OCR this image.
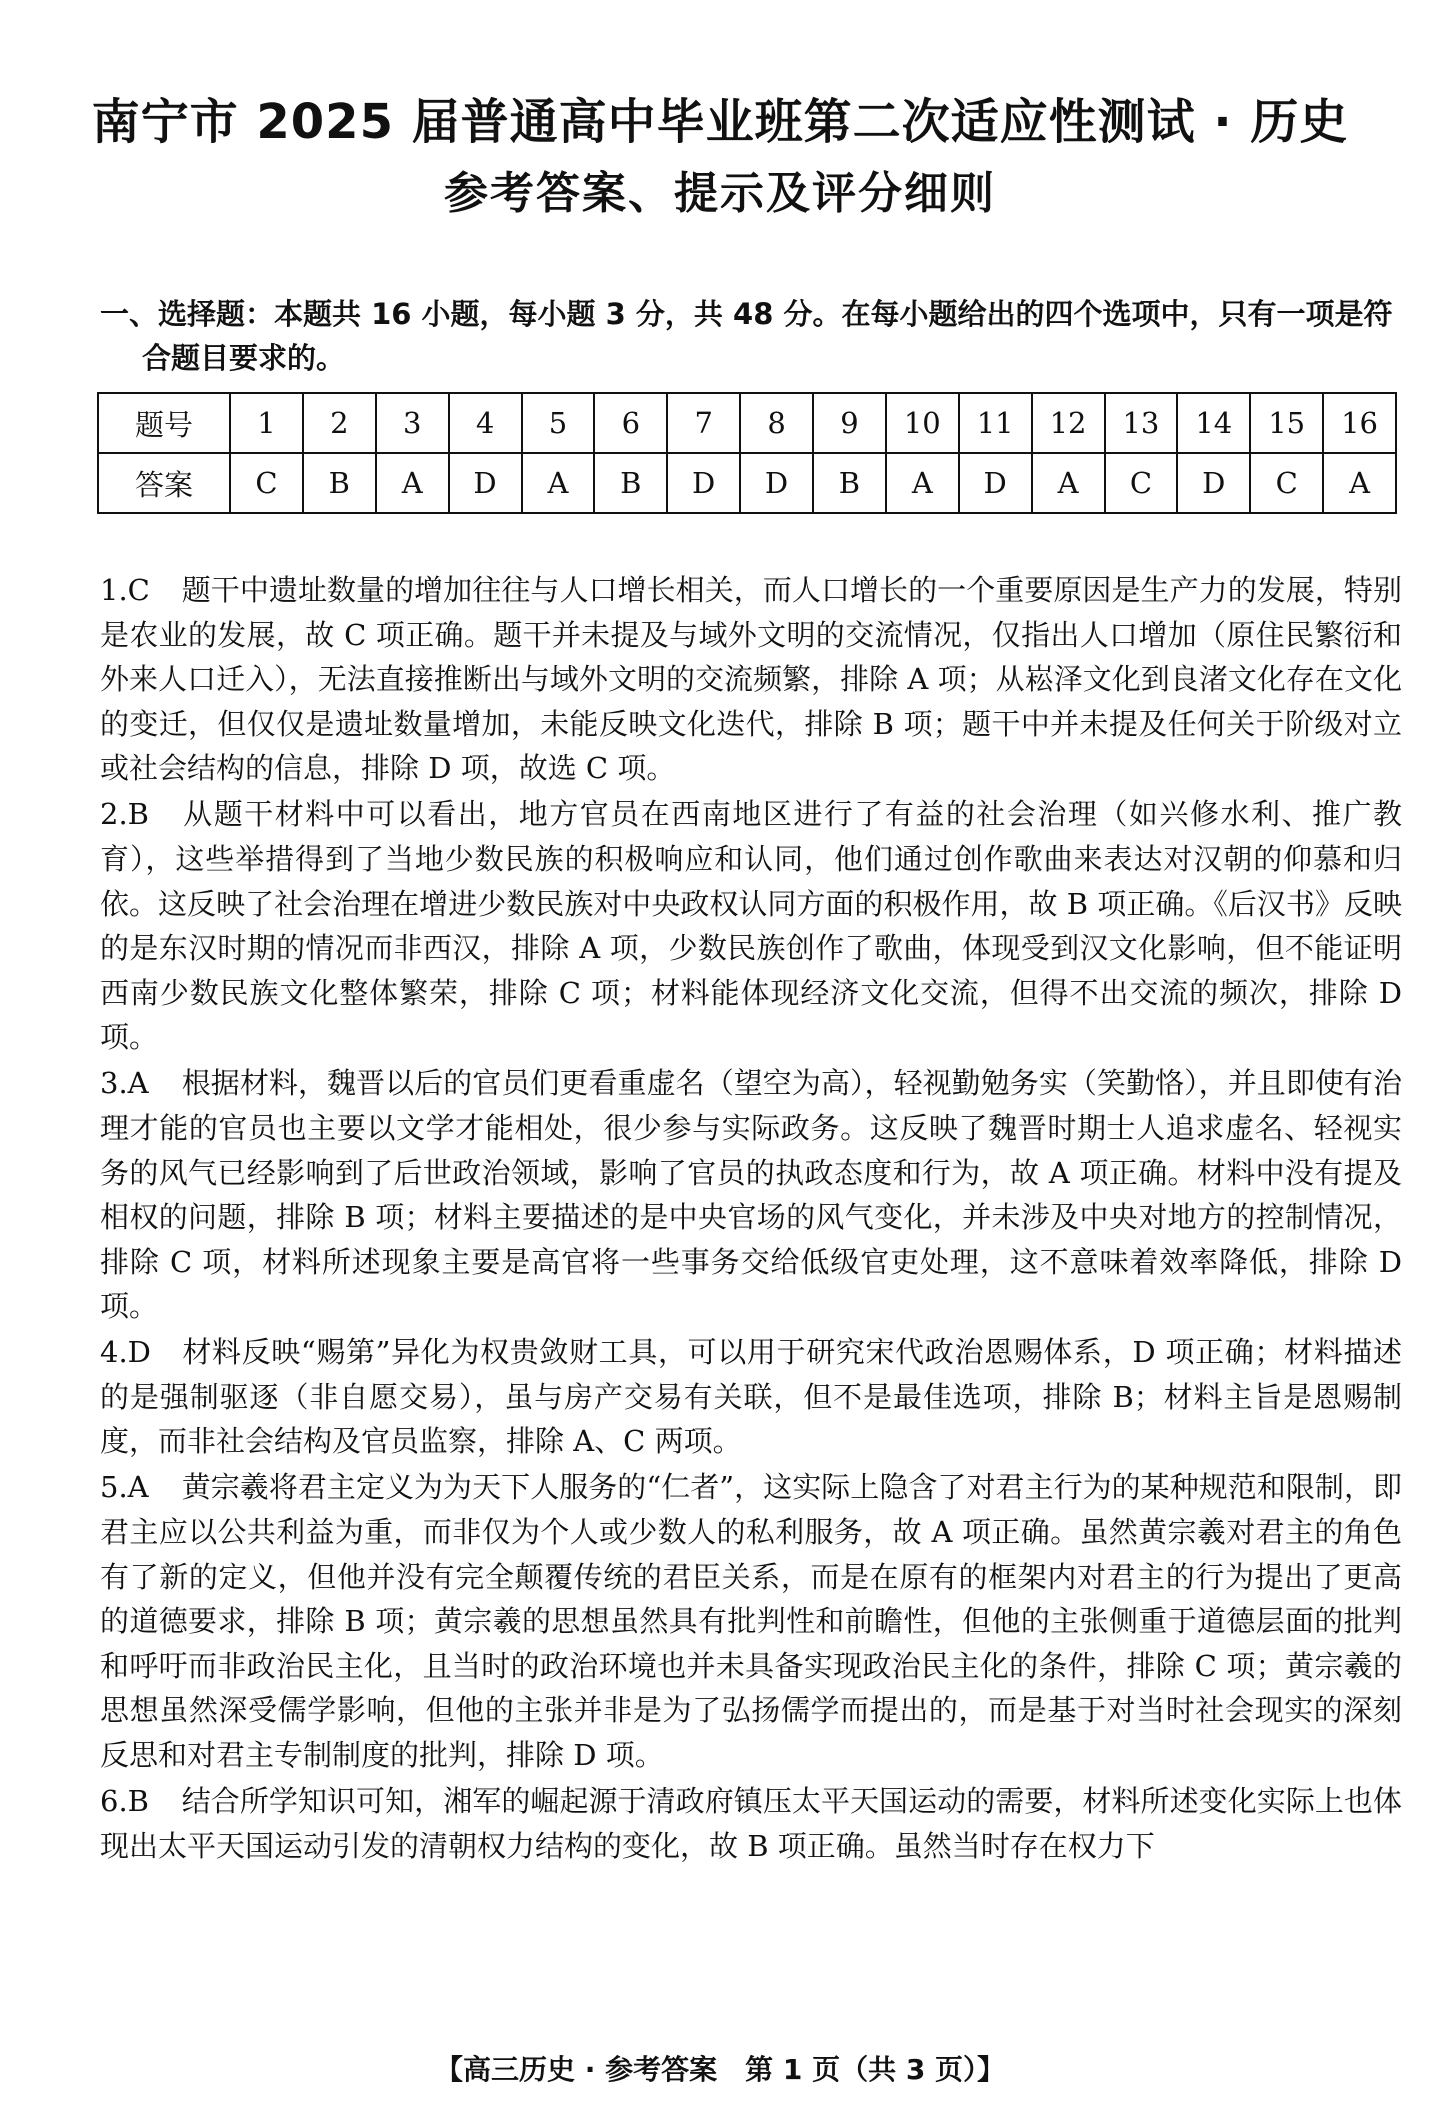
南宁市 2025 届普通高中毕业班第二次适应性测试 · 历史
参考答案、提示及评分细则
一、选择题：本题共 16 小题，每小题 3 分，共 48 分。在每小题给出的四个选项中，只有一项是符
合题目要求的。
题号	1	2	3	4	5	6	7	8	9	10	11	12	13	14	15	16
答案	C	B	A	D	A	B	D	D	B	A	D	A	C	D	C	A

1.C 题干中遗址数量的增加往往与人口增长相关，而人口增长的一个重要原因是生产力的发展，特别是农业的发展，故 C 项正确。题干并未提及与域外文明的交流情况，仅指出人口增加（原住民繁衍和外来人口迁入），无法直接推断出与域外文明的交流频繁，排除 A 项；从崧泽文化到良渚文化存在文化的变迁，但仅仅是遗址数量增加，未能反映文化迭代，排除 B 项；题干中并未提及任何关于阶级对立或社会结构的信息，排除 D 项，故选 C 项。

2.B 从题干材料中可以看出，地方官员在西南地区进行了有益的社会治理（如兴修水利、推广教育），这些举措得到了当地少数民族的积极响应和认同，他们通过创作歌曲来表达对汉朝的仰慕和归依。这反映了社会治理在增进少数民族对中央政权认同方面的积极作用，故 B 项正确。《后汉书》反映的是东汉时期的情况而非西汉，排除 A 项，少数民族创作了歌曲，体现受到汉文化影响，但不能证明西南少数民族文化整体繁荣，排除 C 项；材料能体现经济文化交流，但得不出交流的频次，排除 D 项。

3.A 根据材料，魏晋以后的官员们更看重虚名（望空为高），轻视勤勉务实（笑勤恪），并且即使有治理才能的官员也主要以文学才能相处，很少参与实际政务。这反映了魏晋时期士人追求虚名、轻视实务的风气已经影响到了后世政治领域，影响了官员的执政态度和行为，故 A 项正确。材料中没有提及相权的问题，排除 B 项；材料主要描述的是中央官场的风气变化，并未涉及中央对地方的控制情况，排除 C 项，材料所述现象主要是高官将一些事务交给低级官吏处理，这不意味着效率降低，排除 D 项。

4.D 材料反映“赐第”异化为权贵敛财工具，可以用于研究宋代政治恩赐体系，D 项正确；材料描述的是强制驱逐（非自愿交易），虽与房产交易有关联，但不是最佳选项，排除 B；材料主旨是恩赐制度，而非社会结构及官员监察，排除 A、C 两项。

5.A 黄宗羲将君主定义为为天下人服务的“仁者”，这实际上隐含了对君主行为的某种规范和限制，即君主应以公共利益为重，而非仅为个人或少数人的私利服务，故 A 项正确。虽然黄宗羲对君主的角色有了新的定义，但他并没有完全颠覆传统的君臣关系，而是在原有的框架内对君主的行为提出了更高的道德要求，排除 B 项；黄宗羲的思想虽然具有批判性和前瞻性，但他的主张侧重于道德层面的批判和呼吁而非政治民主化，且当时的政治环境也并未具备实现政治民主化的条件，排除 C 项；黄宗羲的思想虽然深受儒学影响，但他的主张并非是为了弘扬儒学而提出的，而是基于对当时社会现实的深刻反思和对君主专制制度的批判，排除 D 项。

6.B 结合所学知识可知，湘军的崛起源于清政府镇压太平天国运动的需要，材料所述变化实际上也体现出太平天国运动引发的清朝权力结构的变化，故 B 项正确。虽然当时存在权力下

【高三历史 · 参考答案　第 1 页（共 3 页）】
